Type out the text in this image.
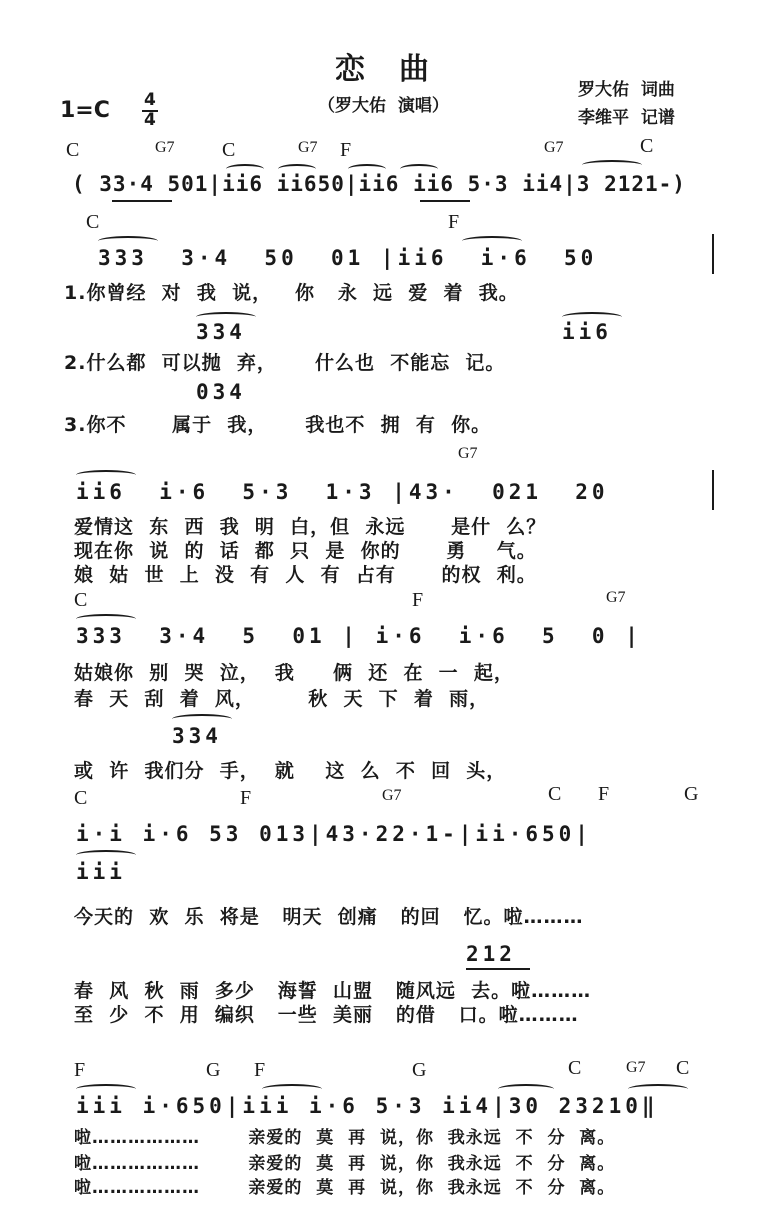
恋曲
1=C 4
4
（罗大佑  演唱）
罗大佑  词曲
李维平  记谱
C	G7 C	G7 F	G7	C
( 33·4 501|ii6 ii650|ii6 ii6 5·3 ii4|3 2121-)
C	F
333  3·4  50  01 |ii6  i·6  50
1.你曾经  对  我  说，   你   永  远  爱  着  我。
334	ii6
2.什么都  可以抛  弃，     什么也  不能忘  记。
034
3.你不      属于  我，     我也不  拥  有  你。
G7
ii6  i·6  5·3  1·3 |43·  021  20
爱情这  东  西  我  明  白，但  永远      是什  么？
现在你  说  的  话  都  只  是  你的      勇    气。
娘  姑  世  上  没  有  人  有  占有      的权  利。
C	F	G7
333  3·4  5  01 | i·6  i·6  5  0 |
姑娘你  别  哭  泣，  我     俩  还  在  一  起，
春  天  刮  着  风，       秋  天  下  着  雨，
334
或  许  我们分  手，  就    这  么  不  回  头，
C	F	G7	C F	G
i·i i·6 53 013|43·22·1-|ii·650|
iii
今天的  欢  乐  将是   明天  创痛   的回   忆。啦………
212
春  风  秋  雨  多少   海誓  山盟   随风远  去。啦………
至  少  不  用  编织   一些  美丽   的借   口。啦………
F	G F	G	C	G7 C
iii i·650|iii i·6 5·3 ii4|30 23210‖
啦………………       亲爱的  莫  再  说，你  我永远  不  分  离。
啦………………       亲爱的  莫  再  说，你  我永远  不  分  离。
啦………………       亲爱的  莫  再  说，你  我永远  不  分  离。
